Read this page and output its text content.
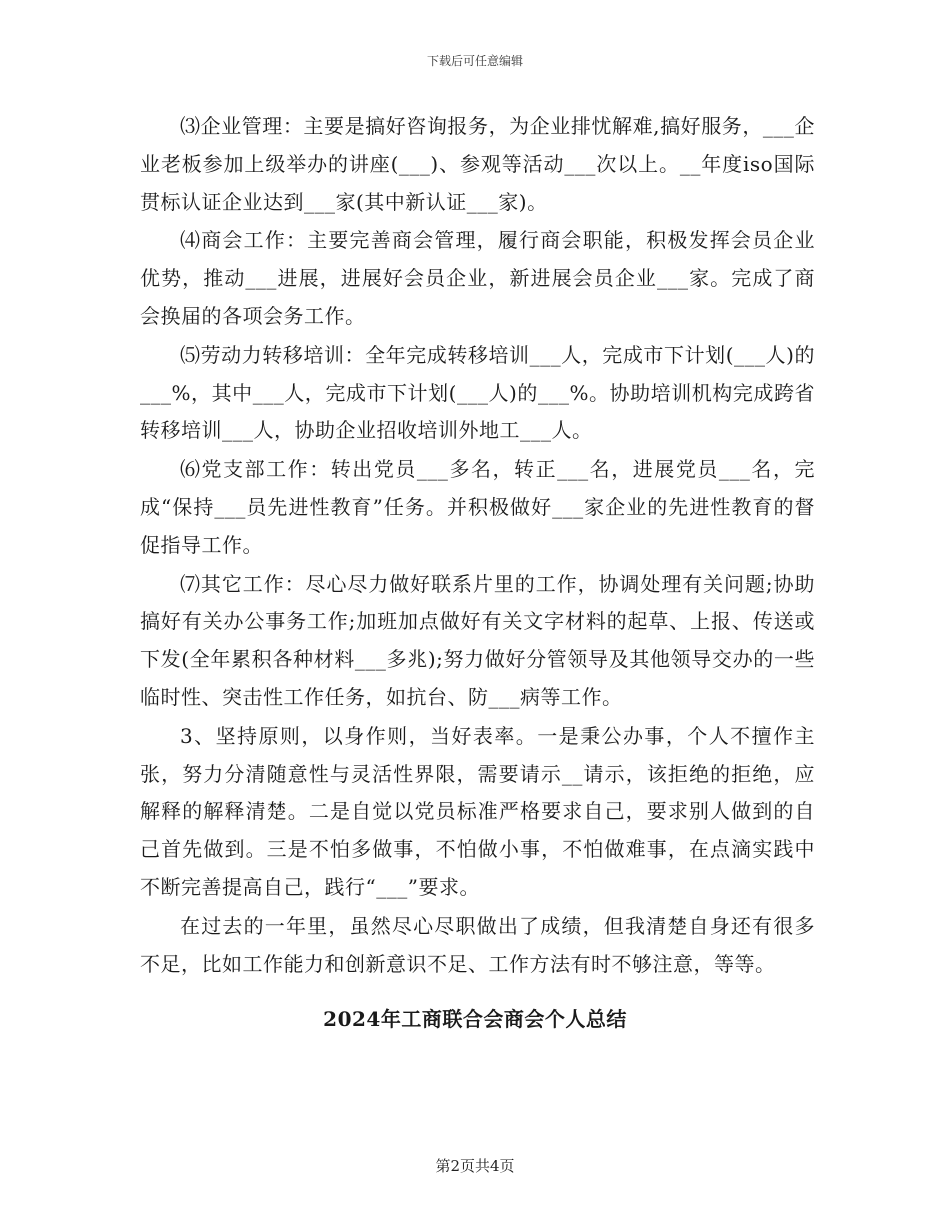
下载后可任意编辑

⑶企业管理：主要是搞好咨询报务，为企业排忧解难,搞好服务，___企业老板参加上级举办的讲座(___)、参观等活动___次以上。__年度iso国际贯标认证企业达到___家(其中新认证___家)。

⑷商会工作：主要完善商会管理，履行商会职能，积极发挥会员企业优势，推动___进展，进展好会员企业，新进展会员企业___家。完成了商会换届的各项会务工作。

⑸劳动力转移培训：全年完成转移培训___人，完成市下计划(___人)的___%，其中___人，完成市下计划(___人)的___%。协助培训机构完成跨省转移培训___人，协助企业招收培训外地工___人。

⑹党支部工作：转出党员___多名，转正___名，进展党员___名，完成“保持___员先进性教育”任务。并积极做好___家企业的先进性教育的督促指导工作。

⑺其它工作：尽心尽力做好联系片里的工作，协调处理有关问题;协助搞好有关办公事务工作;加班加点做好有关文字材料的起草、上报、传送或下发(全年累积各种材料___多兆);努力做好分管领导及其他领导交办的一些临时性、突击性工作任务，如抗台、防___病等工作。

3、坚持原则，以身作则，当好表率。一是秉公办事，个人不擅作主张，努力分清随意性与灵活性界限，需要请示__请示，该拒绝的拒绝，应解释的解释清楚。二是自觉以党员标准严格要求自己，要求别人做到的自己首先做到。三是不怕多做事，不怕做小事，不怕做难事，在点滴实践中不断完善提高自己，践行“___”要求。

在过去的一年里，虽然尽心尽职做出了成绩，但我清楚自身还有很多不足，比如工作能力和创新意识不足、工作方法有时不够注意，等等。

2024年工商联合会商会个人总结
第2页共4页
